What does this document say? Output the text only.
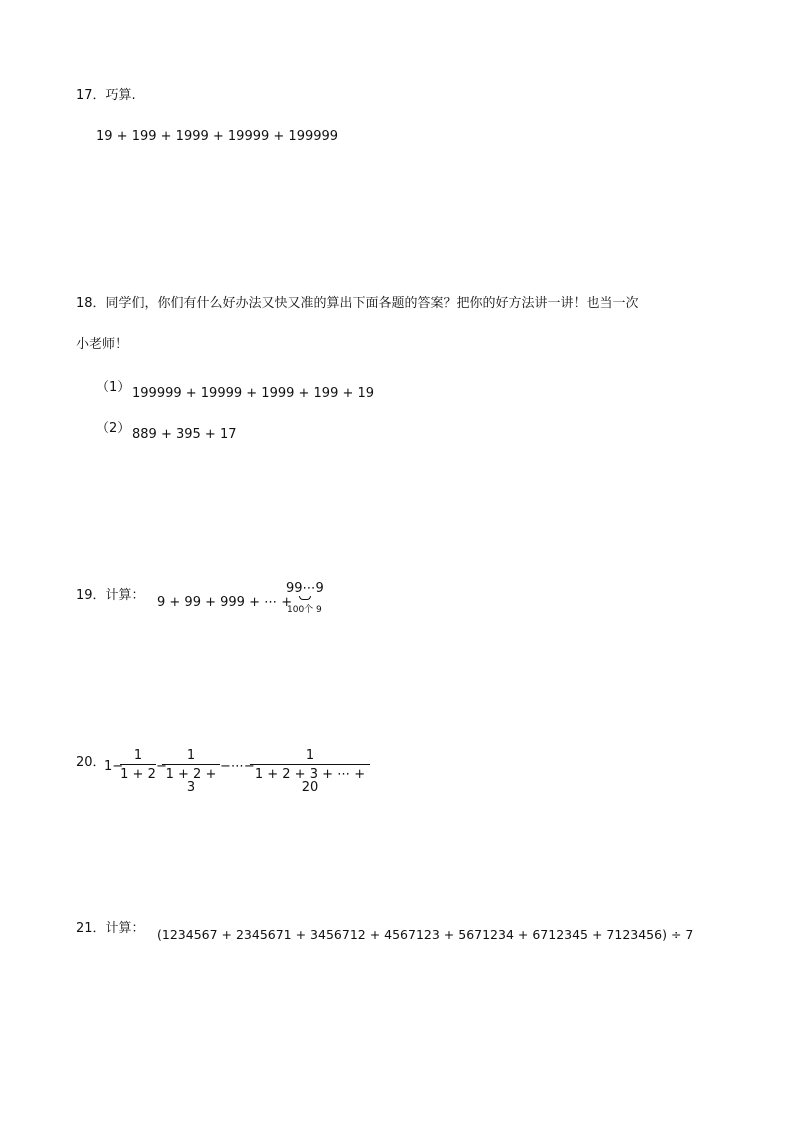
17．巧算.
19 + 199 + 1999 + 19999 + 199999
18．同学们，你们有什么好办法又快又准的算出下面各题的答案？把你的好方法讲一讲！也当一次
小老师！
（1） 199999 + 19999 + 1999 + 199 + 19
（2） 889 + 395 + 17
19．计算： 9 + 99 + 999 + ⋯ +
99⋯9
100个 9
20．
1−
$\frac{1}{1 + 2}$ −
$\frac{1}{1 + 2 + 3}$ −⋯−
$\frac{1}{1 + 2 + 3 + \cdots + 20}$
21．计算： (1234567 + 2345671 + 3456712 + 4567123 + 5671234 + 6712345 + 7123456) ÷ 7
